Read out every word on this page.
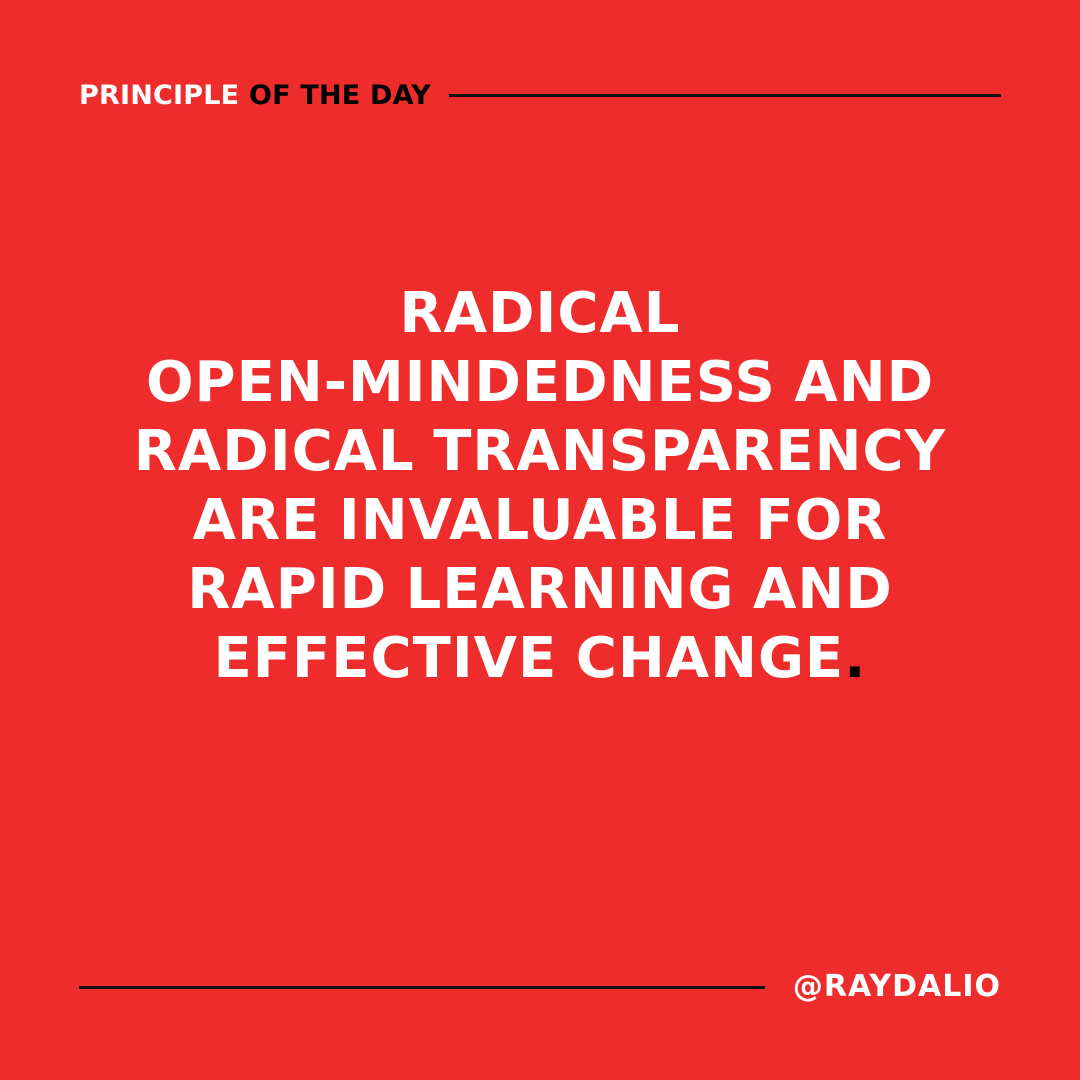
PRINCIPLE OF THE DAY

RADICAL
OPEN-MINDEDNESS AND
RADICAL TRANSPARENCY
ARE INVALUABLE FOR
RAPID LEARNING AND
EFFECTIVE CHANGE.

@RAYDALIO
